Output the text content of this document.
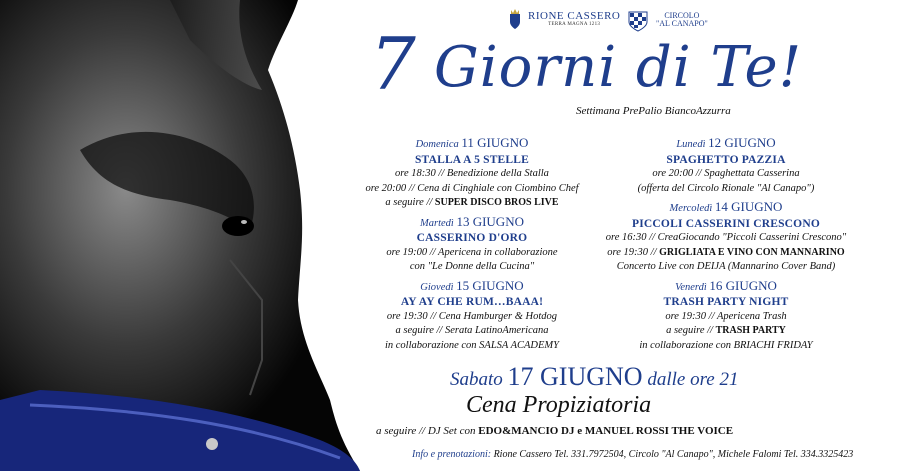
RIONE CASSERO
TERRA MAGNA 1213
CIRCOLO
"AL CANAPO"
7 Giorni di Te!
Settimana PrePalio BiancoAzzurra
Domenica 11 GIUGNO
STALLA A 5 STELLE
ore 18:30 // Benedizione della Stalla
ore 20:00 // Cena di Cinghiale con Ciombino Chef
a seguire // SUPER DISCO BROS LIVE
Martedì 13 GIUGNO
CASSERINO D'ORO
ore 19:00 // Apericena in collaborazione
con "Le Donne della Cucina"
Giovedì 15 GIUGNO
AY AY CHE RUM…BAAA!
ore 19:30 // Cena Hamburger & Hotdog
a seguire // Serata LatinoAmericana
in collaborazione con SALSA ACADEMY
Lunedì 12 GIUGNO
SPAGHETTO PAZZIA
ore 20:00 // Spaghettata Casserina
(offerta del Circolo Rionale "Al Canapo")
Mercoledì 14 GIUGNO
PICCOLI CASSERINI CRESCONO
ore 16:30 // CreaGiocando "Piccoli Casserini Crescono"
ore 19:30 // GRIGLIATA E VINO CON MANNARINO
Concerto Live con DEIJA (Mannarino Cover Band)
Venerdì 16 GIUGNO
TRASH PARTY NIGHT
ore 19:30 // Apericena Trash
a seguire // TRASH PARTY
in collaborazione con BRIACHI FRIDAY
Sabato 17 GIUGNO dalle ore 21
Cena Propiziatoria
a seguire // DJ Set con EDO&MANCIO DJ e MANUEL ROSSI THE VOICE
Info e prenotazioni: Rione Cassero Tel. 331.7972504, Circolo "Al Canapo", Michele Falomi Tel. 334.3325423
